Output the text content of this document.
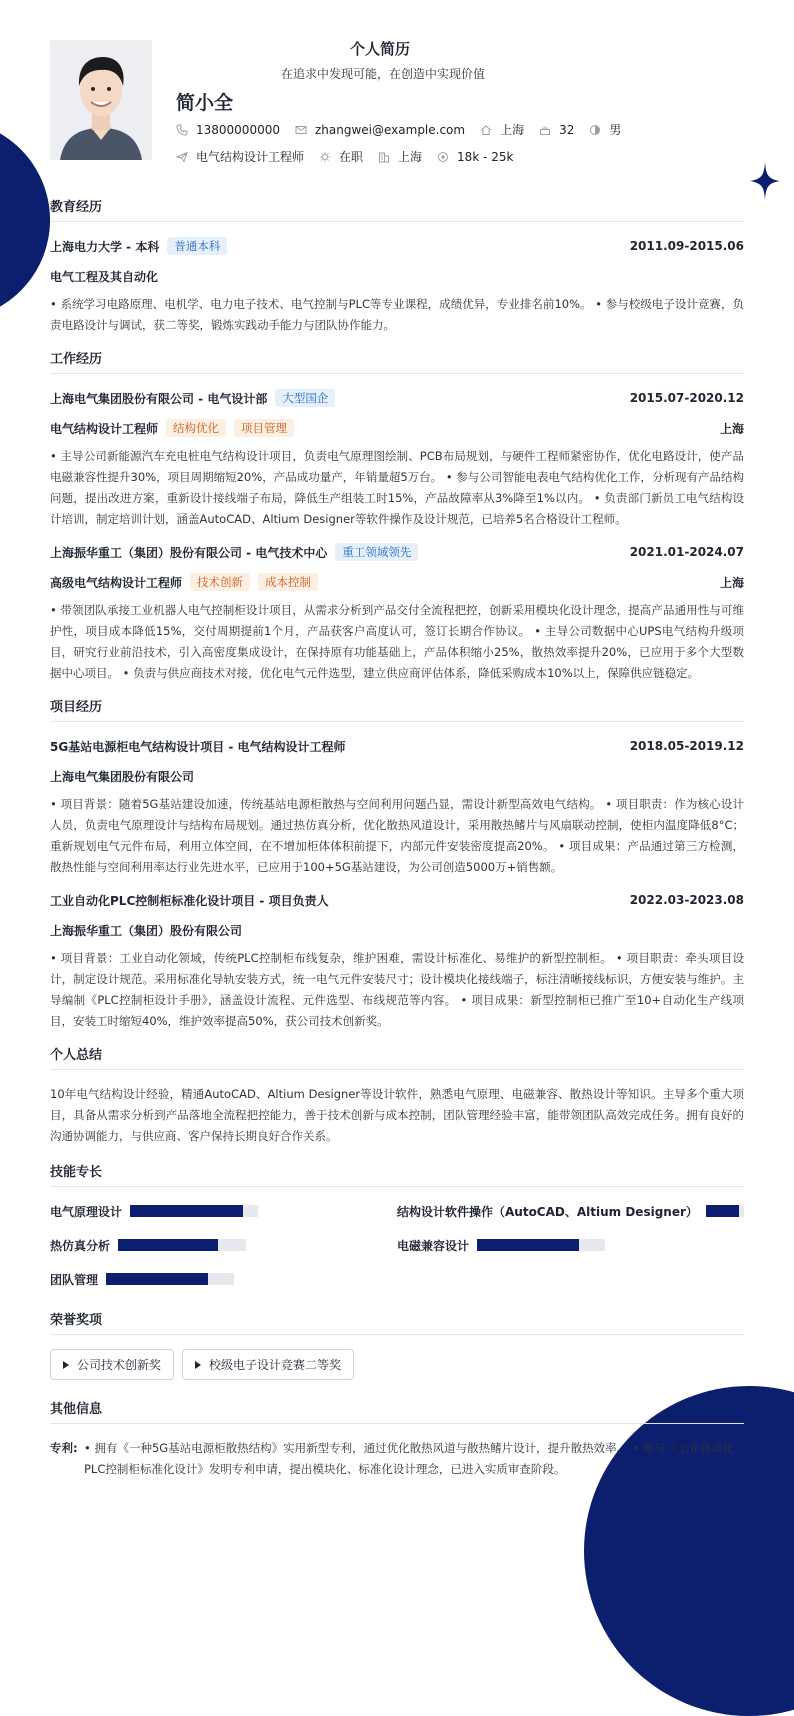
个人简历
在追求中发现可能，在创造中实现价值
简小全
13800000000	zhangwei@example.com	上海	32	男
电气结构设计工程师	在职	上海	18k - 25k
教育经历
上海电力大学 - 本科	普通本科	2011.09-2015.06
电气工程及其自动化
• 系统学习电路原理、电机学、电力电子技术、电气控制与PLC等专业课程，成绩优异，专业排名前10%。 • 参与校级电子设计竞赛，负责电路设计与调试，获二等奖，锻炼实践动手能力与团队协作能力。
工作经历
上海电气集团股份有限公司 - 电气设计部	大型国企	2015.07-2020.12
电气结构设计工程师	结构优化	项目管理	上海
• 主导公司新能源汽车充电桩电气结构设计项目，负责电气原理图绘制、PCB布局规划，与硬件工程师紧密协作，优化电路设计，使产品电磁兼容性提升30%，项目周期缩短20%，产品成功量产，年销量超5万台。 • 参与公司智能电表电气结构优化工作，分析现有产品结构问题，提出改进方案，重新设计接线端子布局，降低生产组装工时15%，产品故障率从3%降至1%以内。 • 负责部门新员工电气结构设计培训，制定培训计划，涵盖AutoCAD、Altium Designer等软件操作及设计规范，已培养5名合格设计工程师。
上海振华重工（集团）股份有限公司 - 电气技术中心	重工领域领先	2021.01-2024.07
高级电气结构设计工程师	技术创新	成本控制	上海
• 带领团队承接工业机器人电气控制柜设计项目，从需求分析到产品交付全流程把控，创新采用模块化设计理念，提高产品通用性与可维护性，项目成本降低15%，交付周期提前1个月，产品获客户高度认可，签订长期合作协议。 • 主导公司数据中心UPS电气结构升级项目，研究行业前沿技术，引入高密度集成设计，在保持原有功能基础上，产品体积缩小25%，散热效率提升20%，已应用于多个大型数据中心项目。 • 负责与供应商技术对接，优化电气元件选型，建立供应商评估体系，降低采购成本10%以上，保障供应链稳定。
项目经历
5G基站电源柜电气结构设计项目 - 电气结构设计工程师	2018.05-2019.12
上海电气集团股份有限公司
• 项目背景：随着5G基站建设加速，传统基站电源柜散热与空间利用问题凸显，需设计新型高效电气结构。 • 项目职责：作为核心设计人员，负责电气原理设计与结构布局规划。通过热仿真分析，优化散热风道设计，采用散热鳍片与风扇联动控制，使柜内温度降低8°C；重新规划电气元件布局，利用立体空间，在不增加柜体体积前提下，内部元件安装密度提高20%。 • 项目成果：产品通过第三方检测，散热性能与空间利用率达行业先进水平，已应用于100+5G基站建设，为公司创造5000万+销售额。
工业自动化PLC控制柜标准化设计项目 - 项目负责人	2022.03-2023.08
上海振华重工（集团）股份有限公司
• 项目背景：工业自动化领域，传统PLC控制柜布线复杂，维护困难，需设计标准化、易维护的新型控制柜。 • 项目职责：牵头项目设计，制定设计规范。采用标准化导轨安装方式，统一电气元件安装尺寸；设计模块化接线端子，标注清晰接线标识，方便安装与维护。主导编制《PLC控制柜设计手册》，涵盖设计流程、元件选型、布线规范等内容。 • 项目成果：新型控制柜已推广至10+自动化生产线项目，安装工时缩短40%，维护效率提高50%，获公司技术创新奖。
个人总结
10年电气结构设计经验，精通AutoCAD、Altium Designer等设计软件，熟悉电气原理、电磁兼容、散热设计等知识。主导多个重大项目，具备从需求分析到产品落地全流程把控能力，善于技术创新与成本控制，团队管理经验丰富，能带领团队高效完成任务。拥有良好的沟通协调能力，与供应商、客户保持长期良好合作关系。
技能专长
电气原理设计	结构设计软件操作（AutoCAD、Altium Designer）
热仿真分析	电磁兼容设计
团队管理
荣誉奖项
公司技术创新奖	校级电子设计竞赛二等奖
其他信息
专利: • 拥有《一种5G基站电源柜散热结构》实用新型专利，通过优化散热风道与散热鳍片设计，提升散热效率。 • 参与《工业自动化PLC控制柜标准化设计》发明专利申请，提出模块化、标准化设计理念，已进入实质审查阶段。
